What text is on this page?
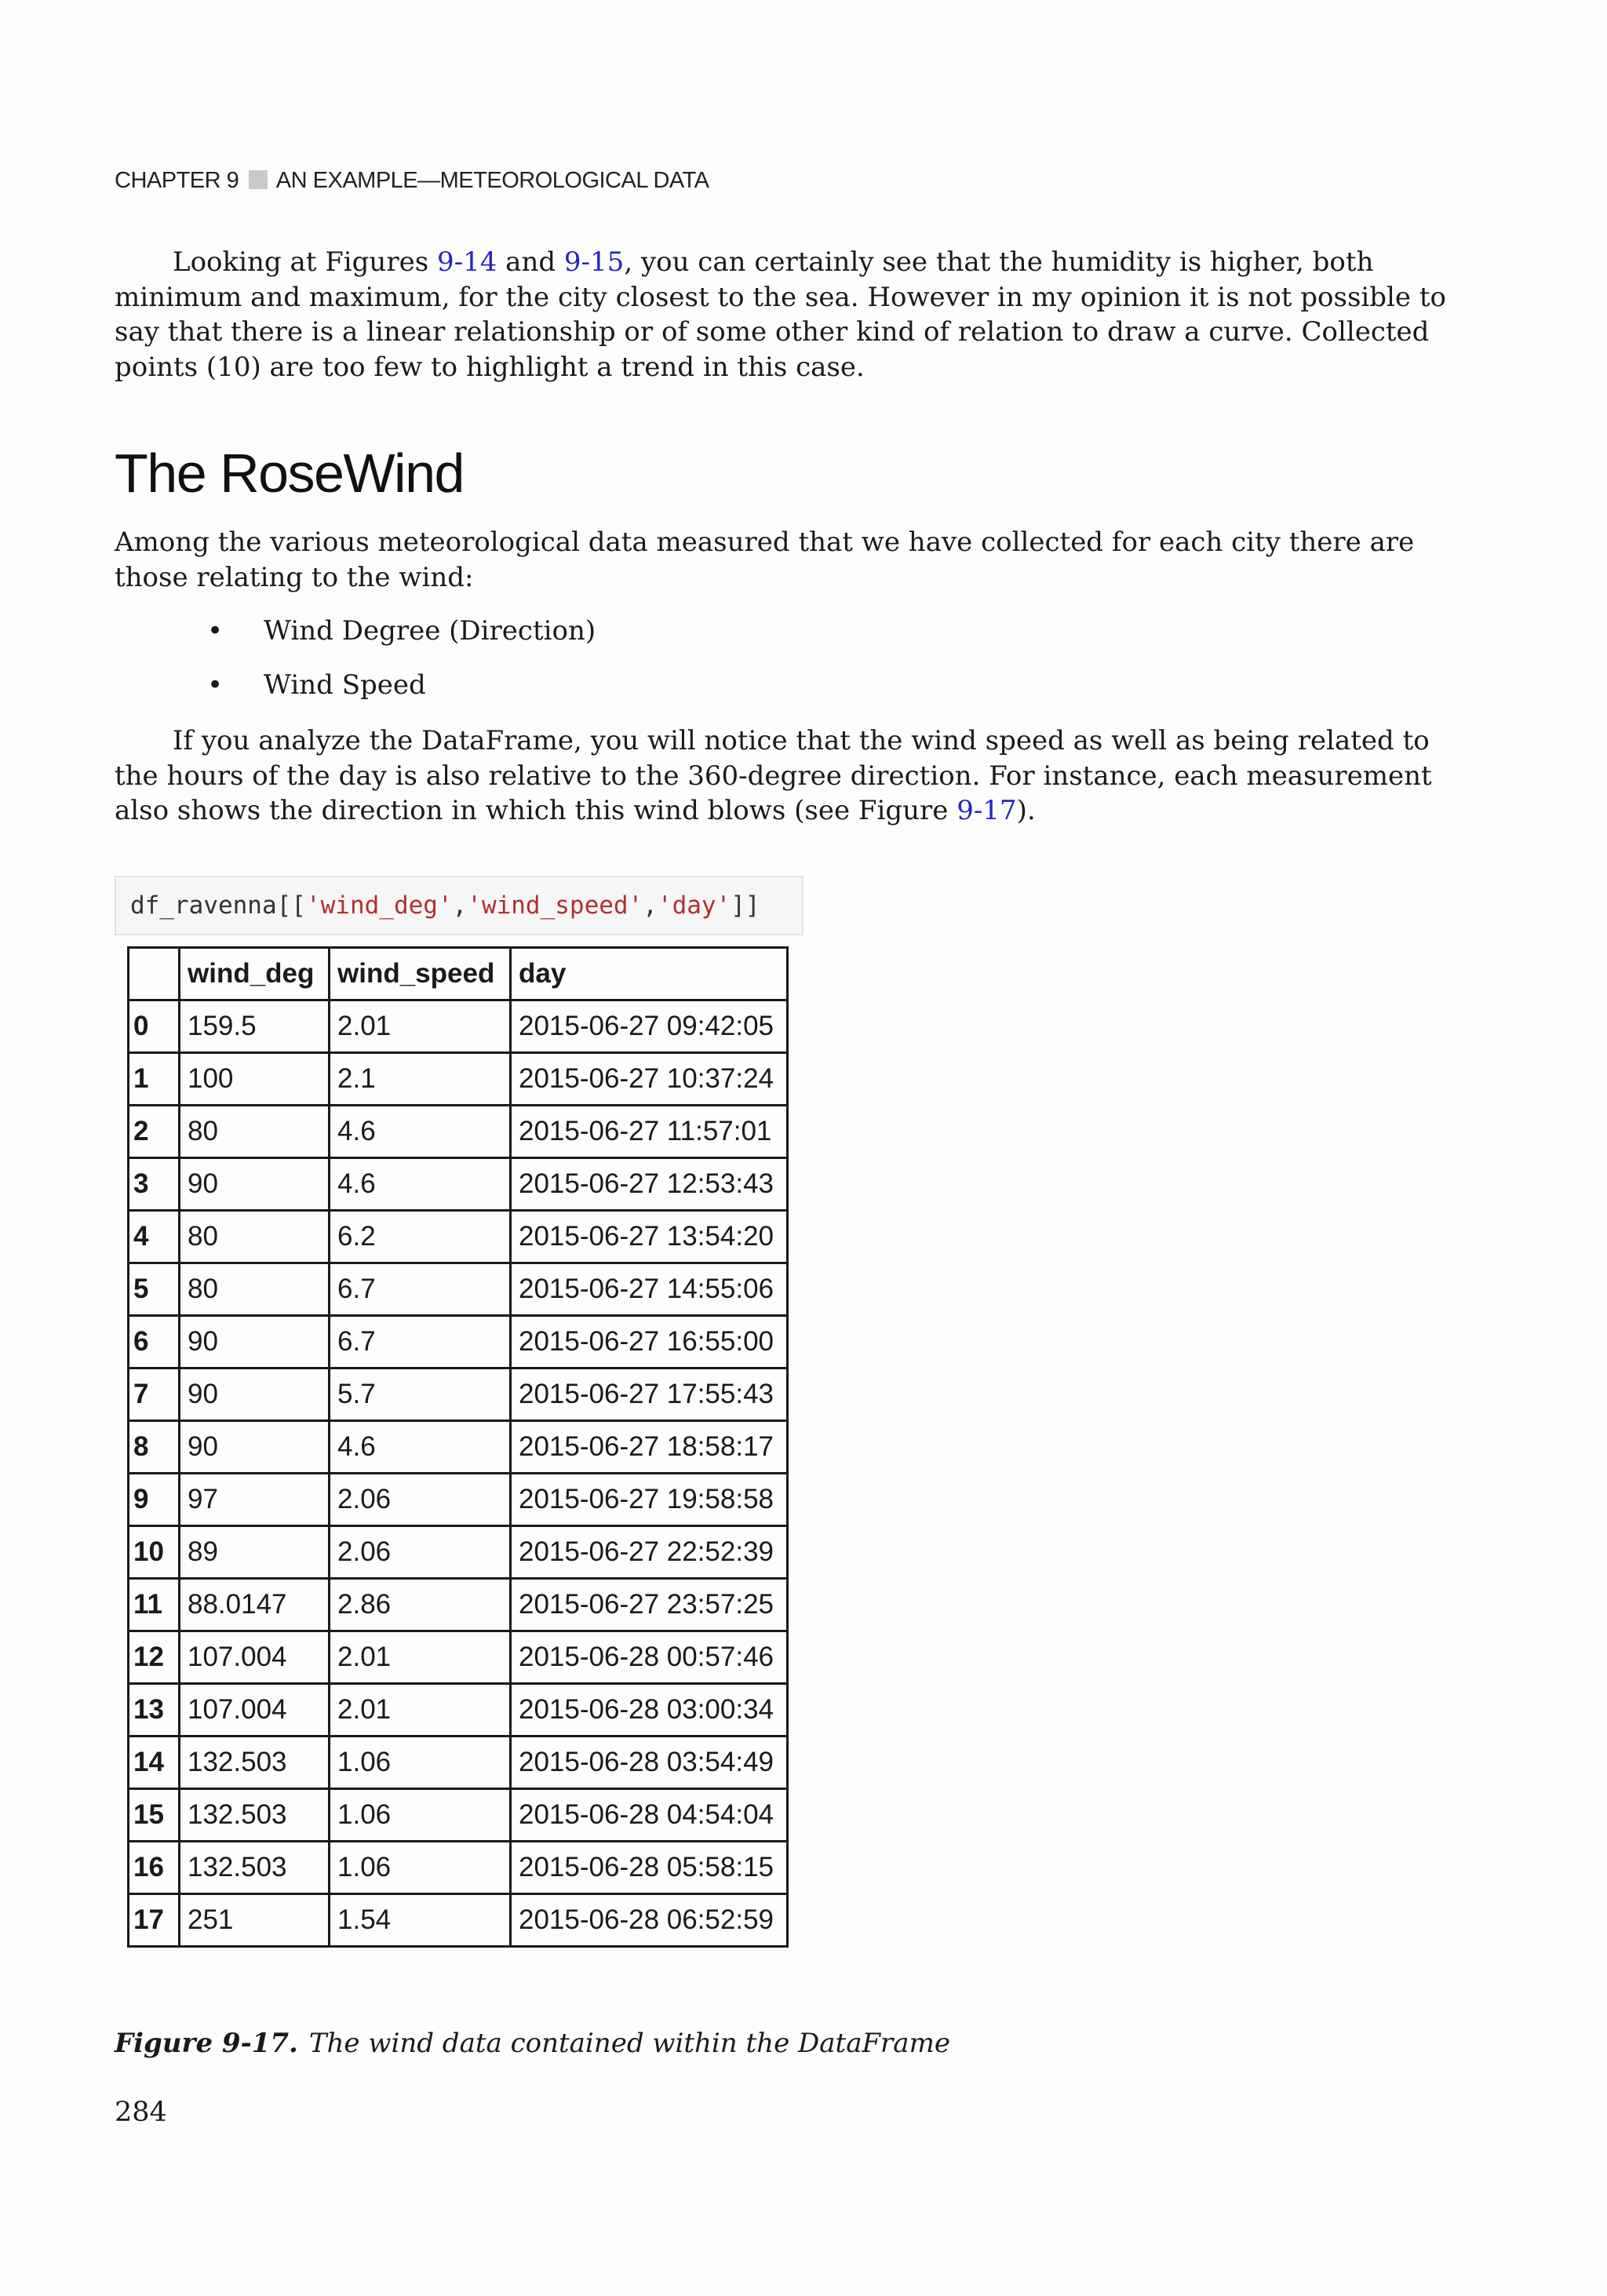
CHAPTER 9 AN EXAMPLE—METEOROLOGICAL DATA

Looking at Figures 9-14 and 9-15, you can certainly see that the humidity is higher, both minimum and maximum, for the city closest to the sea. However in my opinion it is not possible to say that there is a linear relationship or of some other kind of relation to draw a curve. Collected points (10) are too few to highlight a trend in this case.

The RoseWind

Among the various meteorological data measured that we have collected for each city there are those relating to the wind:

• Wind Degree (Direction)
• Wind Speed

If you analyze the DataFrame, you will notice that the wind speed as well as being related to the hours of the day is also relative to the 360-degree direction. For instance, each measurement also shows the direction in which this wind blows (see Figure 9-17).

df_ravenna[['wind_deg','wind_speed','day']]
	wind_deg	wind_speed	day
0	159.5	2.01	2015-06-27 09:42:05
1	100	2.1	2015-06-27 10:37:24
2	80	4.6	2015-06-27 11:57:01
3	90	4.6	2015-06-27 12:53:43
4	80	6.2	2015-06-27 13:54:20
5	80	6.7	2015-06-27 14:55:06
6	90	6.7	2015-06-27 16:55:00
7	90	5.7	2015-06-27 17:55:43
8	90	4.6	2015-06-27 18:58:17
9	97	2.06	2015-06-27 19:58:58
10	89	2.06	2015-06-27 22:52:39
11	88.0147	2.86	2015-06-27 23:57:25
12	107.004	2.01	2015-06-28 00:57:46
13	107.004	2.01	2015-06-28 03:00:34
14	132.503	1.06	2015-06-28 03:54:49
15	132.503	1.06	2015-06-28 04:54:04
16	132.503	1.06	2015-06-28 05:58:15
17	251	1.54	2015-06-28 06:52:59

Figure 9-17. The wind data contained within the DataFrame

284
